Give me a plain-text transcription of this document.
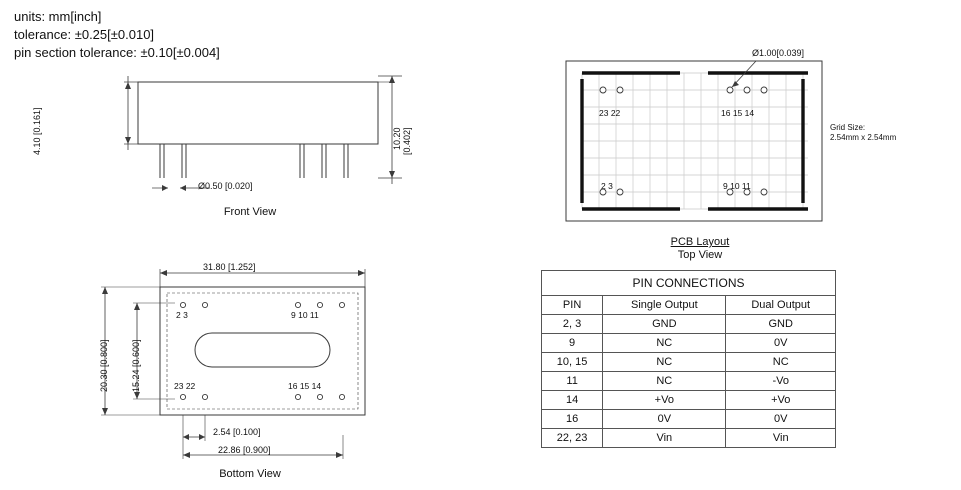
units: mm[inch]
tolerance: ±0.25[±0.010]
pin section tolerance: ±0.10[±0.004]
4.10 [0.161]	10.20 [0.402]
Ø0.50 [0.020]
Front View
31.80 [1.252]
20.30 [0.800] 15.24 [0.600]
2.54 [0.100]
22.86 [0.900]
2 3	9 10 11
23 22	16 15 14
Bottom View
Ø1.00[0.039]
23 22	16 15 14
2 3	9 10 11
Grid Size:
2.54mm x 2.54mm
PCB Layout
Top View
PIN CONNECTIONS		
PIN	Single Output	Dual Output
2, 3	GND	GND
9	NC	0V
10, 15	NC	NC
11	NC	-Vo
14	+Vo	+Vo
16	0V	0V
22, 23	Vin	Vin
